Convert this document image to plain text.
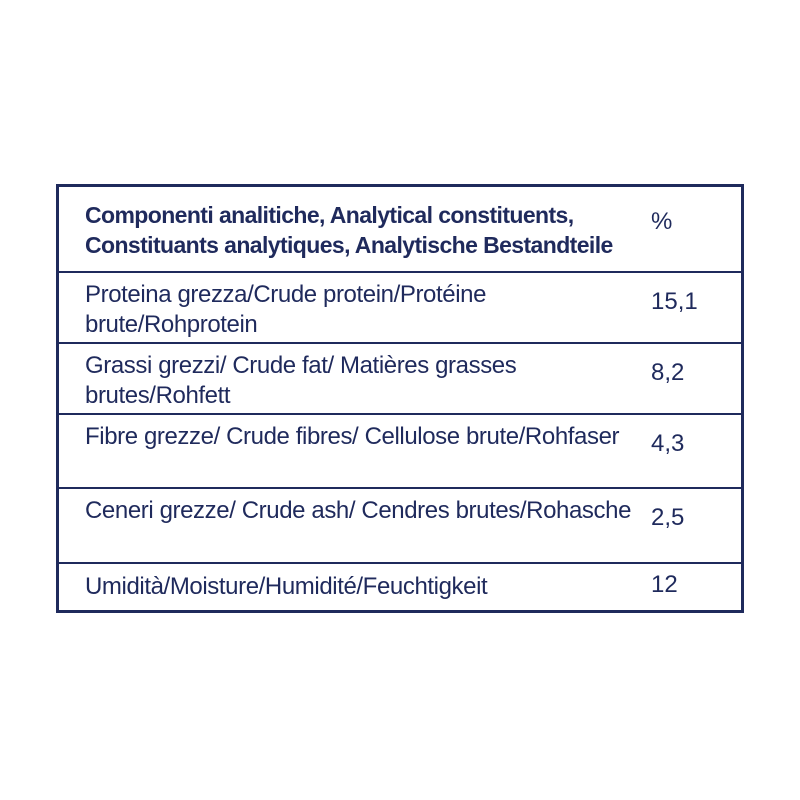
Componenti analitiche, Analytical constituents, Constituants analytiques, Analytische Bestandteile
%
Proteina grezza/Crude protein/Protéine brute/Rohprotein
15,1
Grassi grezzi/ Crude fat/ Matières grasses brutes/Rohfett
8,2
Fibre grezze/ Crude fibres/ Cellulose brute/Rohfaser	4,3
Ceneri grezze/ Crude ash/ Cendres brutes/Rohasche 2,5
Umidità/Moisture/Humidité/Feuchtigkeit	12
